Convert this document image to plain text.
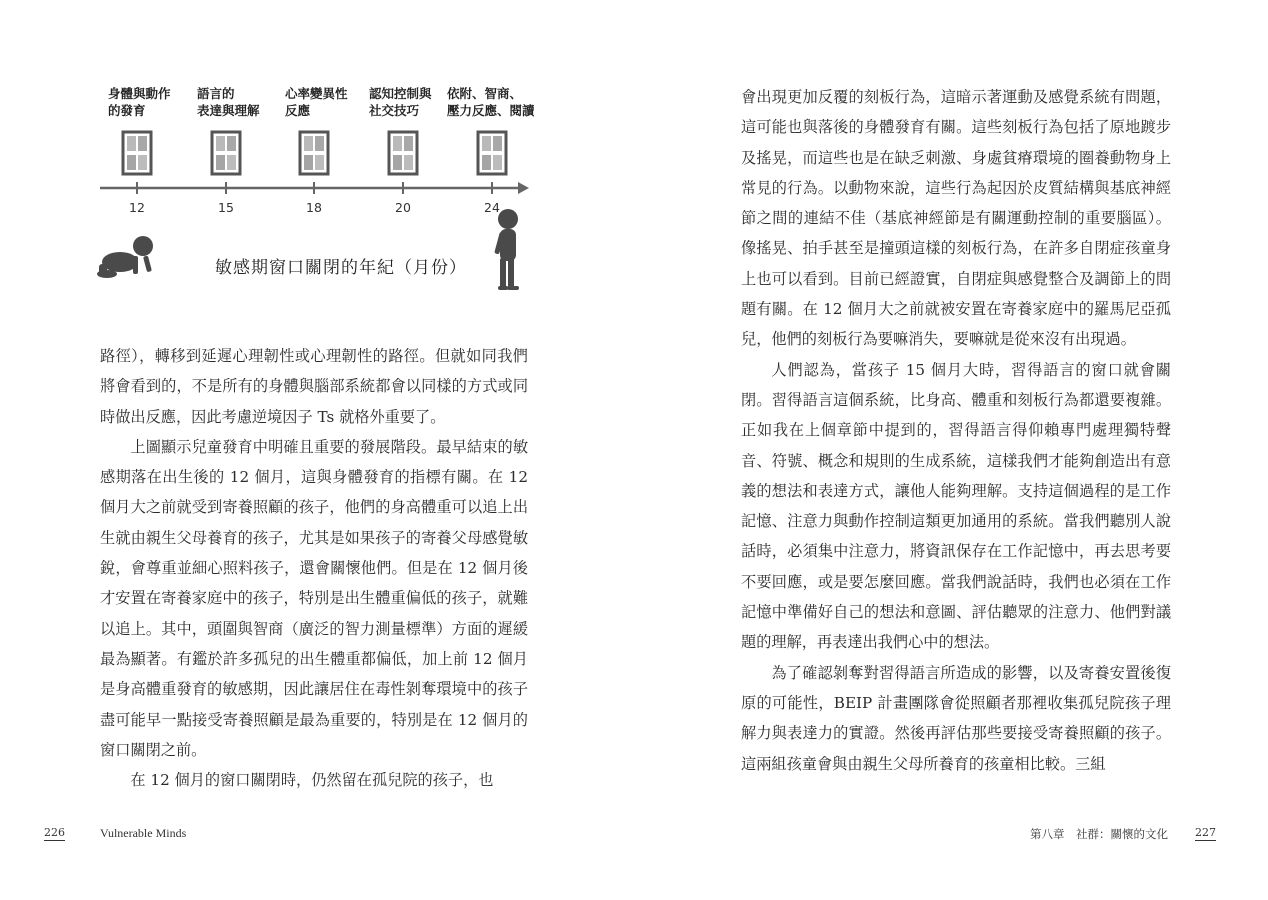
身體與動作
的發育
語言的
表達與理解
心率變異性
反應
認知控制與
社交技巧
依附、智商、
壓力反應、閱讀
12	15	18	20	24
敏感期窗口關閉的年紀（月份）

路徑），轉移到延遲心理韌性或心理韌性的路徑。但就如同我們將會看到的，不是所有的身體與腦部系統都會以同樣的方式或同時做出反應，因此考慮逆境因子 Ts 就格外重要了。

上圖顯示兒童發育中明確且重要的發展階段。最早結束的敏感期落在出生後的 12 個月，這與身體發育的指標有關。在 12 個月大之前就受到寄養照顧的孩子，他們的身高體重可以追上出生就由親生父母養育的孩子，尤其是如果孩子的寄養父母感覺敏銳，會尊重並細心照料孩子，還會關懷他們。但是在 12 個月後才安置在寄養家庭中的孩子，特別是出生體重偏低的孩子，就難以追上。其中，頭圍與智商（廣泛的智力測量標準）方面的遲緩最為顯著。有鑑於許多孤兒的出生體重都偏低，加上前 12 個月是身高體重發育的敏感期，因此讓居住在毒性剝奪環境中的孩子盡可能早一點接受寄養照顧是最為重要的，特別是在 12 個月的窗口關閉之前。

在 12 個月的窗口關閉時，仍然留在孤兒院的孩子，也

226	Vulnerable Minds

會出現更加反覆的刻板行為，這暗示著運動及感覺系統有問題，這可能也與落後的身體發育有關。這些刻板行為包括了原地踱步及搖晃，而這些也是在缺乏刺激、身處貧瘠環境的圈養動物身上常見的行為。以動物來說，這些行為起因於皮質結構與基底神經節之間的連結不佳（基底神經節是有關運動控制的重要腦區）。像搖晃、拍手甚至是撞頭這樣的刻板行為，在許多自閉症孩童身上也可以看到。目前已經證實，自閉症與感覺整合及調節上的問題有關。在 12 個月大之前就被安置在寄養家庭中的羅馬尼亞孤兒，他們的刻板行為要嘛消失，要嘛就是從來沒有出現過。

人們認為，當孩子 15 個月大時，習得語言的窗口就會關閉。習得語言這個系統，比身高、體重和刻板行為都還要複雜。正如我在上個章節中提到的，習得語言得仰賴專門處理獨特聲音、符號、概念和規則的生成系統，這樣我們才能夠創造出有意義的想法和表達方式，讓他人能夠理解。支持這個過程的是工作記憶、注意力與動作控制這類更加通用的系統。當我們聽別人說話時，必須集中注意力，將資訊保存在工作記憶中，再去思考要不要回應，或是要怎麼回應。當我們說話時，我們也必須在工作記憶中準備好自己的想法和意圖、評估聽眾的注意力、他們對議題的理解，再表達出我們心中的想法。

為了確認剝奪對習得語言所造成的影響，以及寄養安置後復原的可能性，BEIP 計畫團隊會從照顧者那裡收集孤兒院孩子理解力與表達力的實證。然後再評估那些要接受寄養照顧的孩子。這兩組孩童會與由親生父母所養育的孩童相比較。三組

第八章　社群：關懷的文化 227
